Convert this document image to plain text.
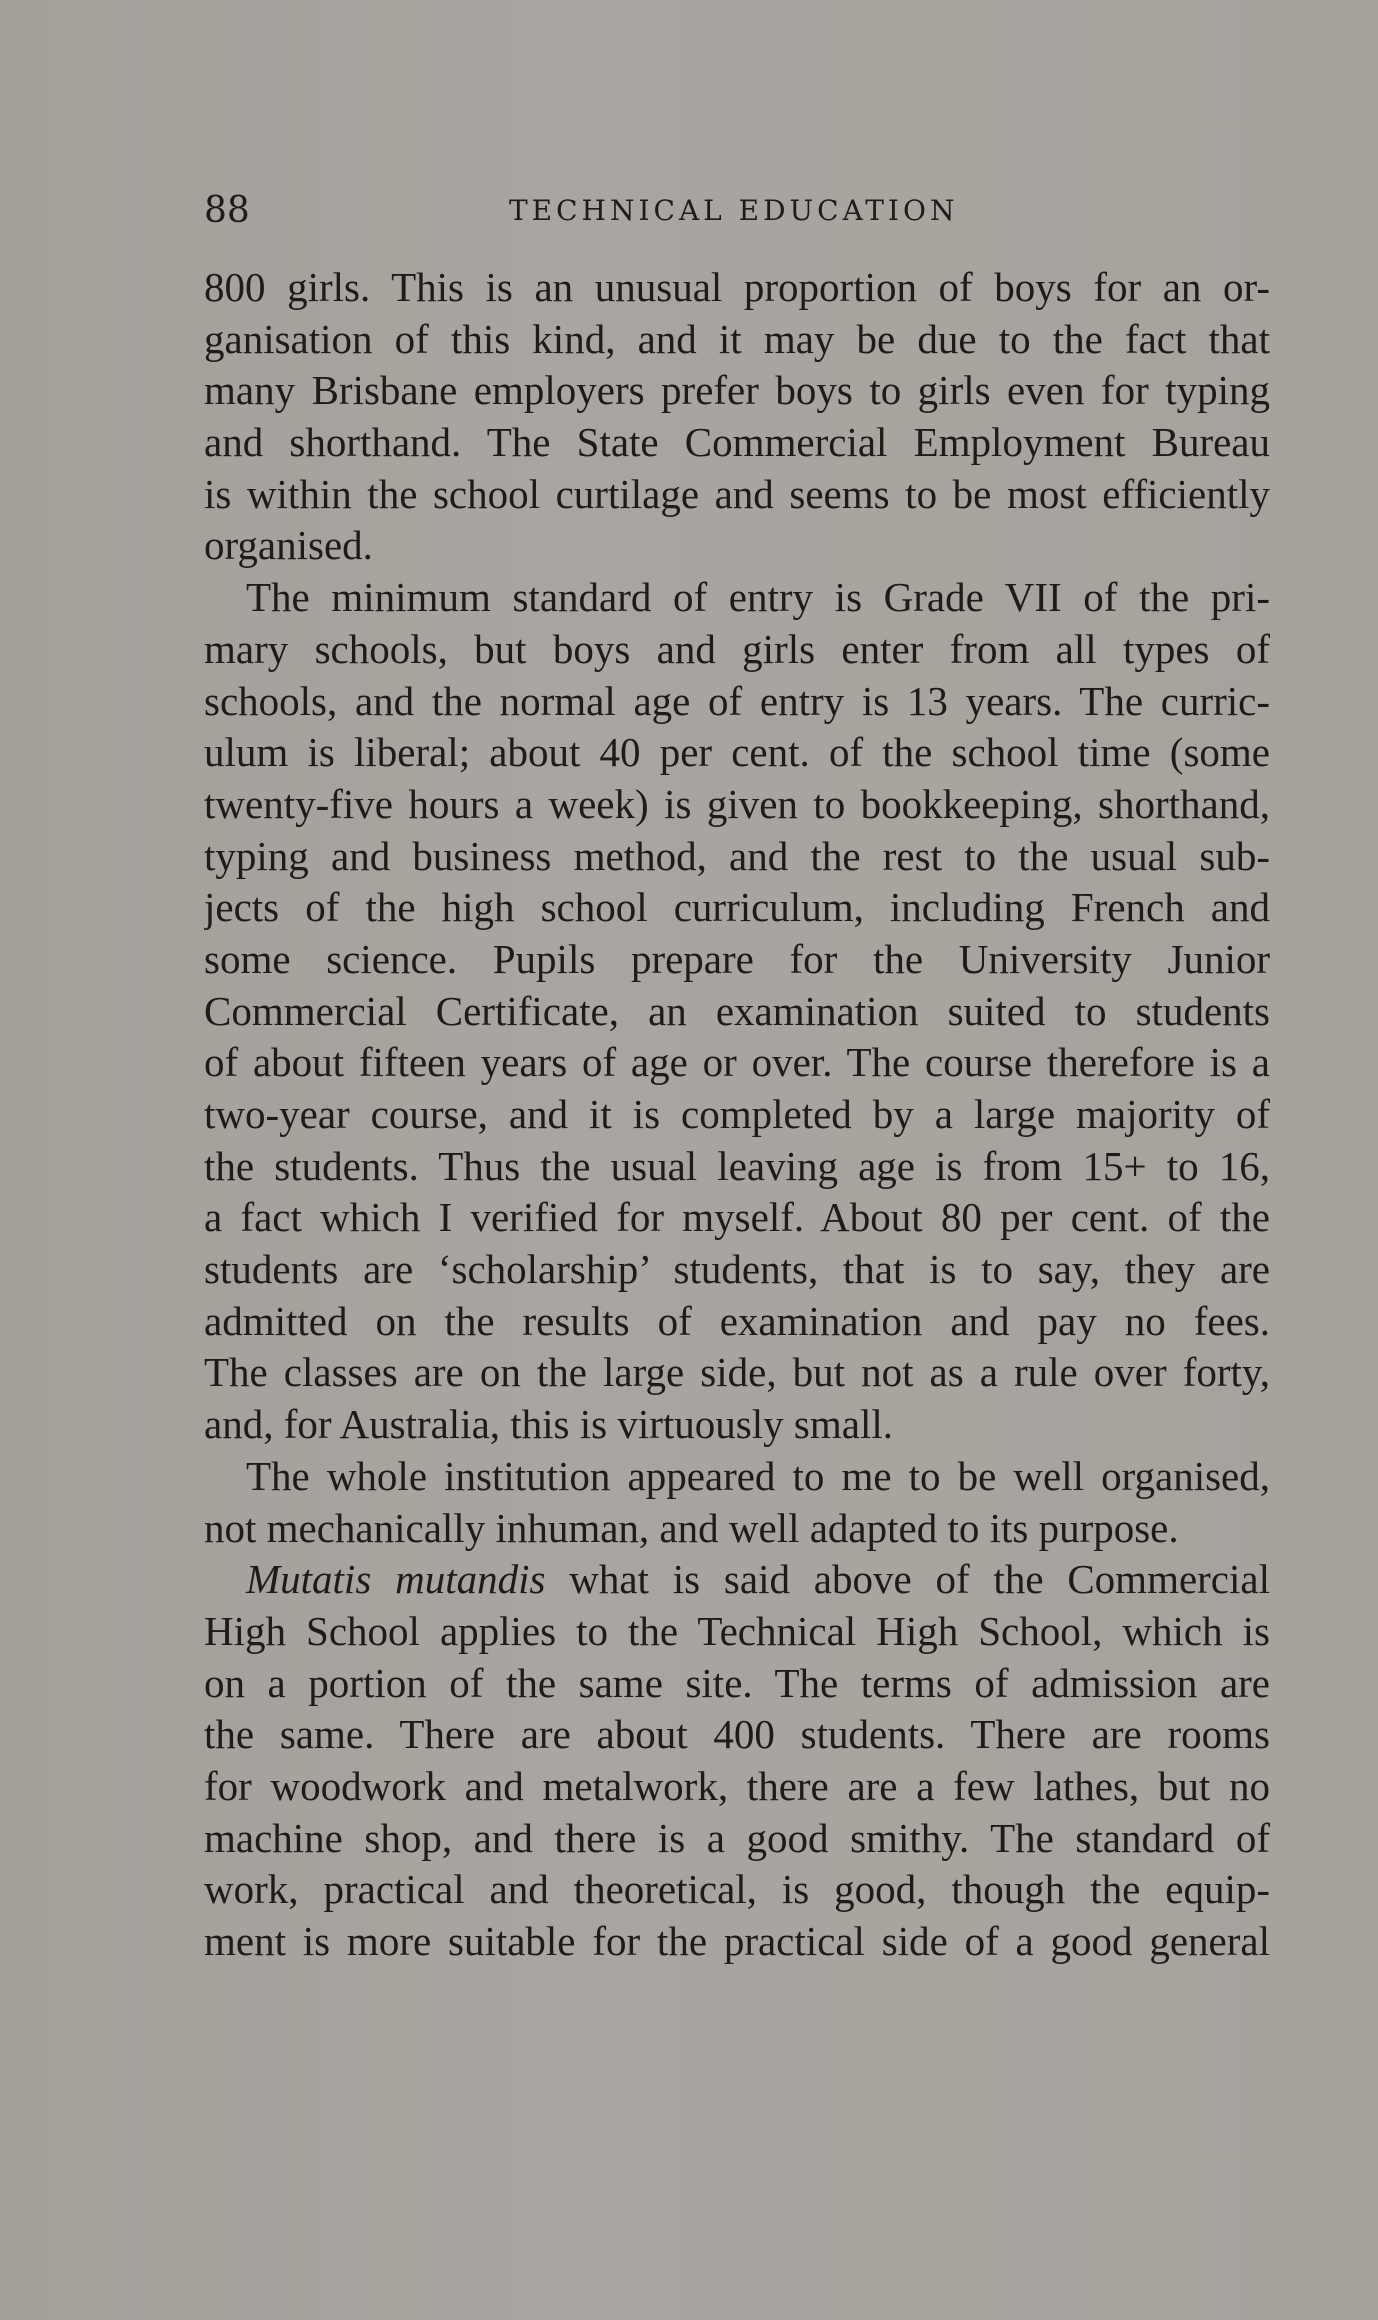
88	TECHNICAL EDUCATION
800 girls. This is an unusual proportion of boys for an or-
ganisation of this kind, and it may be due to the fact that
many Brisbane employers prefer boys to girls even for typing
and shorthand. The State Commercial Employment Bureau
is within the school curtilage and seems to be most efficiently
organised.
The minimum standard of entry is Grade VII of the pri-
mary schools, but boys and girls enter from all types of
schools, and the normal age of entry is 13 years. The curric-
ulum is liberal; about 40 per cent. of the school time (some
twenty-five hours a week) is given to bookkeeping, shorthand,
typing and business method, and the rest to the usual sub-
jects of the high school curriculum, including French and
some science. Pupils prepare for the University Junior
Commercial Certificate, an examination suited to students
of about fifteen years of age or over. The course therefore is a
two-year course, and it is completed by a large majority of
the students. Thus the usual leaving age is from 15+ to 16,
a fact which I verified for myself. About 80 per cent. of the
students are ‘scholarship’ students, that is to say, they are
admitted on the results of examination and pay no fees.
The classes are on the large side, but not as a rule over forty,
and, for Australia, this is virtuously small.
The whole institution appeared to me to be well organised,
not mechanically inhuman, and well adapted to its purpose.
Mutatis mutandis what is said above of the Commercial
High School applies to the Technical High School, which is
on a portion of the same site. The terms of admission are
the same. There are about 400 students. There are rooms
for woodwork and metalwork, there are a few lathes, but no
machine shop, and there is a good smithy. The standard of
work, practical and theoretical, is good, though the equip-
ment is more suitable for the practical side of a good general
